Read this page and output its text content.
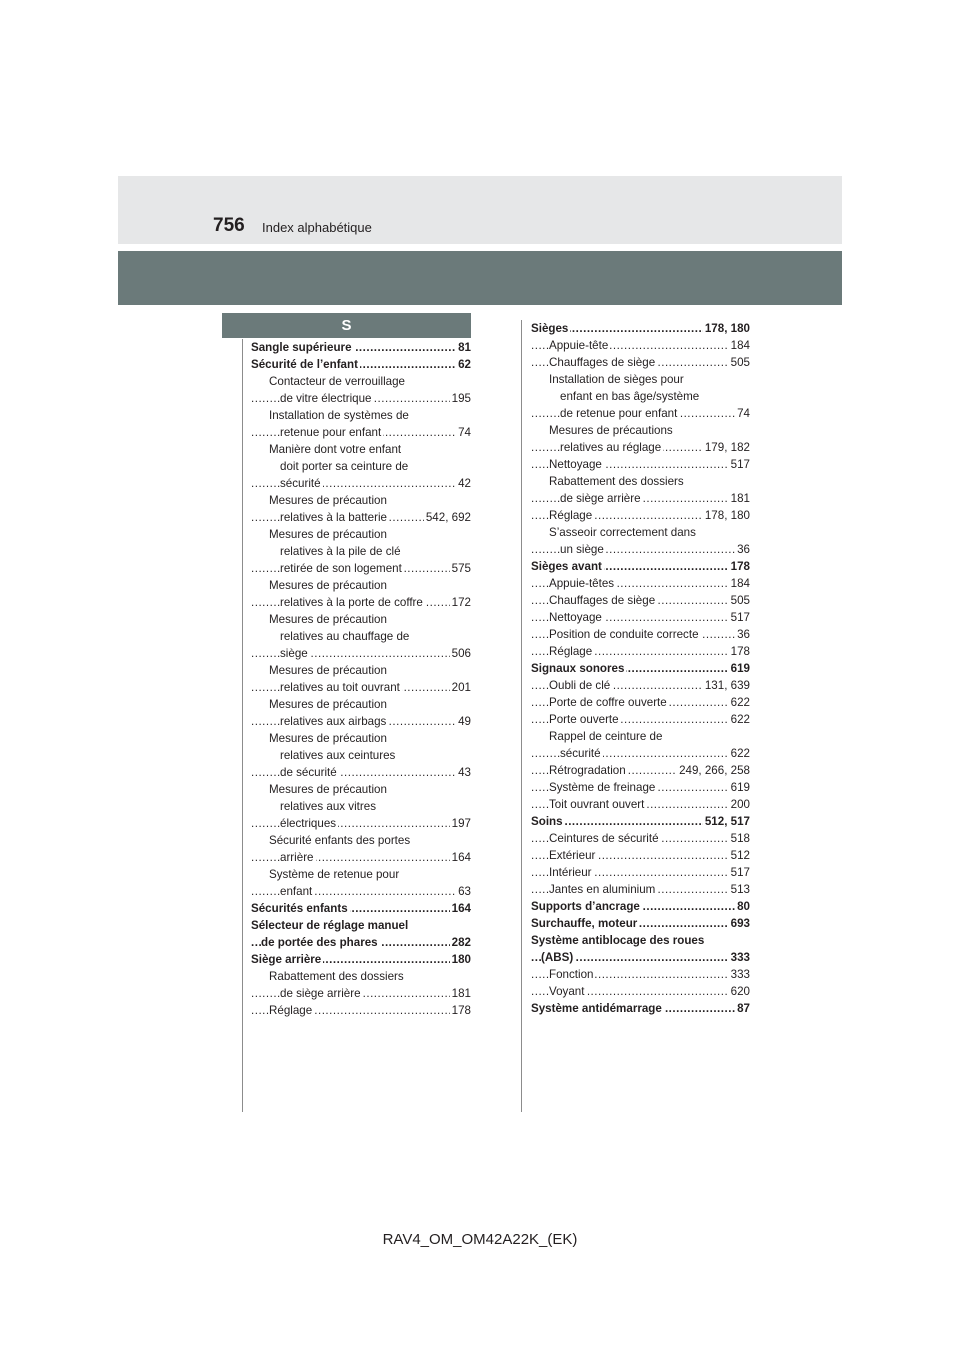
756 Index alphabétique
S
Sangle supérieure	81
.....
Sécurité de l’enfant	62
.....
Contacteur de verrouillage
de vitre électrique	195
.....
Installation de systèmes de
retenue pour enfant	74
.....
Manière dont votre enfant
doit porter sa ceinture de
sécurité	42
.....
Mesures de précaution
relatives à la batterie	542, 692
.....
Mesures de précaution
relatives à la pile de clé
retirée de son logement	575
.....
Mesures de précaution
relatives à la porte de coffre 172
.....
Mesures de précaution
relatives au chauffage de
siège	506
.....
Mesures de précaution
relatives au toit ouvrant	201
.....
Mesures de précaution
relatives aux airbags	49
.....
Mesures de précaution
relatives aux ceintures
de sécurité	43
.....
Mesures de précaution
relatives aux vitres
électriques	197
.....
Sécurité enfants des portes
arrière	164
.....
Système de retenue pour
enfant	63
.....
Sécurités enfants	164
.....
Sélecteur de réglage manuel
de portée des phares	282
.....
Siège arrière	180
.....
Rabattement des dossiers
de siège arrière	181
.....
Réglage	178
.....
Sièges	178, 180
.....
Appuie-tête	184
.....
Chauffages de siège	505
.....
Installation de sièges pour
enfant en bas âge/système
de retenue pour enfant	74
.....
Mesures de précautions
relatives au réglage	179, 182
.....
Nettoyage	517
.....
Rabattement des dossiers
de siège arrière	181
.....
Réglage	178, 180
.....
S’asseoir correctement dans
un siège	36
.....
Sièges avant	178
.....
Appuie-têtes	184
.....
Chauffages de siège	505
.....
Nettoyage	517
.....
Position de conduite correcte	36
.....
Réglage	178
.....
Signaux sonores	619
.....
Oubli de clé	131, 639
.....
Porte de coffre ouverte	622
.....
Porte ouverte	622
.....
Rappel de ceinture de
sécurité	622
.....
Rétrogradation	249, 266, 258
.....
Système de freinage	619
.....
Toit ouvrant ouvert	200
.....
Soins	512, 517
.....
Ceintures de sécurité	518
.....
Extérieur	512
.....
Intérieur	517
.....
Jantes en aluminium	513
.....
Supports d’ancrage	80
.....
Surchauffe, moteur	693
.....
Système antiblocage des roues
(ABS)	333
.....
Fonction	333
.....
Voyant	620
.....
Système antidémarrage	87
.....
RAV4_OM_OM42A22K_(EK)
